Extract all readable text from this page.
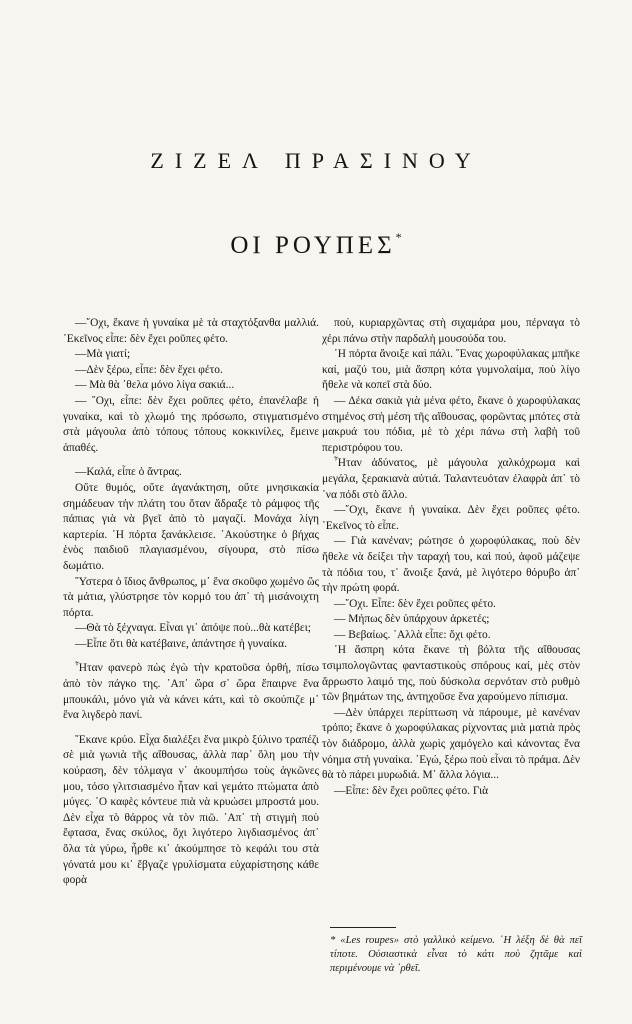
ΖΙΖΕΛ ΠΡΑΣΙΝΟΥ
ΟΙ ΡΟΥΠΕΣ*

—῎Οχι, ἔκανε ἡ γυναίκα μὲ τὰ σταχτόξανθα μαλλιά. ᾿Εκεῖνος εἶπε: δὲν ἔχει ροῦπες φέτο.

—Μὰ γιατί;

—Δὲν ξέρω, εἶπε: δὲν ἔχει φέτο.

— Μὰ θὰ ᾿θελα μόνο λίγα σακιά...

— ῎Οχι, εἶπε: δὲν ἔχει ροῦπες φέτο, ἐπανέλαβε ἡ γυναίκα, καὶ τὸ χλωμό της πρόσωπο, στιγματισμένο στὰ μάγουλα ἀπὸ τόπους τόπους κοκκινίλες, ἔμεινε ἀπαθές.

—Καλά, εἶπε ὁ ἄντρας.

Οὔτε θυμός, οὔτε ἀγανάκτηση, οὔτε μνησικακία σημάδευαν τὴν πλάτη του ὅταν ἅδραξε τὸ ράμφος τῆς πάπιας γιὰ νὰ βγεῖ ἀπὸ τὸ μαγαζί. Μονάχα λίγη καρτερία. ῾Η πόρτα ξανάκλεισε. ᾿Ακούστηκε ὁ βήχας ἑνὸς παιδιοῦ πλαγιασμένου, σίγουρα, στὸ πίσω δωμάτιο.

῞Υστερα ὁ ἴδιος ἄνθρωπος, μ᾿ ἕνα σκοῦφο χωμένο ὥς τὰ μάτια, γλύστρησε τὸν κορμό του ἀπ᾿ τὴ μισάνοιχτη πόρτα.

—Θὰ τὸ ξέχναγα. Εἶναι γι᾿ ἀπόψε ποὺ...θὰ κατέβει;

—Εἶπε ὅτι θὰ κατέβαινε, ἀπάντησε ἡ γυναίκα.

῏Ηταν φανερὸ πὼς ἐγὼ τὴν κρατοῦσα ὀρθή, πίσω ἀπὸ τὸν πάγκο της. ᾿Απ᾿ ὥρα σ᾿ ὥρα ἔπαιρνε ἕνα μπουκάλι, μόνο γιὰ νὰ κάνει κάτι, καὶ τὸ σκούπιζε μ᾿ ἕνα λιγδερὸ πανί.

῎Εκανε κρύο. Εἶχα διαλέξει ἕνα μικρὸ ξύλινο τραπέζι σὲ μιὰ γωνιὰ τῆς αἴθουσας, ἀλλὰ παρ᾿ ὅλη μου τὴν κούραση, δὲν τόλμαγα ν᾿ ἀκουμπήσω τοὺς ἀγκῶνες μου, τόσο γλιτσιασμένο ἦταν καὶ γεμάτο πτώματα ἀπὸ μύγες. ῾Ο καφὲς κόντευε πιὰ νὰ κρυώσει μπροστά μου. Δὲν εἶχα τὸ θάρρος νὰ τὸν πιῶ. ᾿Απ᾿ τὴ στιγμὴ ποὺ ἔφτασα, ἕνας σκύλος, ὄχι λιγότερο λιγδιασμένος ἀπ᾿ ὅλα τὰ γύρω, ἦρθε κι᾿ ἀκούμπησε τὸ κεφάλι του στὰ γόνατά μου κι᾿ ἔβγαζε γρυλίσματα εὐχαρίστησης κάθε φορὰ

ποὺ, κυριαρχῶντας στὴ σιχαμάρα μου, πέρναγα τὸ χέρι πάνω στὴν παρδαλὴ μουσούδα του.

῾Η πόρτα ἄνοιξε καὶ πάλι. ῞Ενας χωροφύλακας μπῆκε καί, μαζύ του, μιὰ ἄσπρη κότα γυμνολαίμα, ποὺ λίγο ἤθελε νὰ κοπεῖ στὰ δύο.

— Δέκα σακιὰ γιὰ μένα φέτο, ἔκανε ὁ χωροφύλακας στημένος στὴ μέση τῆς αἴθουσας, φορῶντας μπότες στὰ μακρυά του πόδια, μὲ τὸ χέρι πάνω στὴ λαβὴ τοῦ περιστρόφου του.

῏Ηταν ἀδύνατος, μὲ μάγουλα χαλκόχρωμα καὶ μεγάλα, ξερακιανὰ αὐτιά. Ταλαντευόταν ἐλαφρὰ ἀπ᾿ τὸ ᾿να πόδι στὸ ἄλλο.

—῎Οχι, ἔκανε ἡ γυναίκα. Δὲν ἔχει ροῦπες φέτο. ᾿Εκεῖνος τὸ εἶπε.

— Γιὰ κανέναν; ρώτησε ὁ χωροφύλακας, ποὺ δὲν ἤθελε νὰ δείξει τὴν ταραχή του, καὶ πού, ἀφοῦ μάζεψε τὰ πόδια του, τ᾿ ἄνοιξε ξανά, μὲ λιγότερο θόρυβο ἀπ᾿ τὴν πρώτη φορά.

—῎Οχι. Εἶπε: δὲν ἔχει ροῦπες φέτο.

— Μήπως δὲν ὑπάρχουν ἀρκετές;

— Βεβαίως. ᾿Αλλὰ εἶπε: ὄχι φέτο.

῾Η ἄσπρη κότα ἔκανε τὴ βόλτα τῆς αἴθουσας τσιμπολογῶντας φανταστικοὺς σπόρους καί, μὲς στὸν ἄρρωστο λαιμό της, ποὺ δύσκολα σερνόταν στὸ ρυθμὸ τῶν βημάτων της, ἀντηχοῦσε ἕνα χαρούμενο πίπισμα.

—Δὲν ὑπάρχει περίπτωση νὰ πάρουμε, μὲ κανέναν τρόπο; ἔκανε ὁ χωροφύλακας ρίχνοντας μιὰ ματιὰ πρὸς τὸν διάδρομο, ἀλλὰ χωρὶς χαμόγελο καὶ κάνοντας ἕνα νόημα στὴ γυναίκα. ᾿Εγώ, ξέρω ποὺ εἶναι τὸ πράμα. Δὲν θὰ τὸ πάρει μυρωδιά. Μ᾿ ἄλλα λόγια...

—Εἶπε: δὲν ἔχει ροῦπες φέτο. Γιὰ

* «Les roupes» στὸ γαλλικὸ κείμενο. ῾Η λέξη δὲ θὰ πεῖ τίποτε. Οὐσιαστικὰ εἶναι τὸ κάτι ποὺ ζητᾶμε καὶ περιμένουμε νὰ ᾿ρθεῖ.
